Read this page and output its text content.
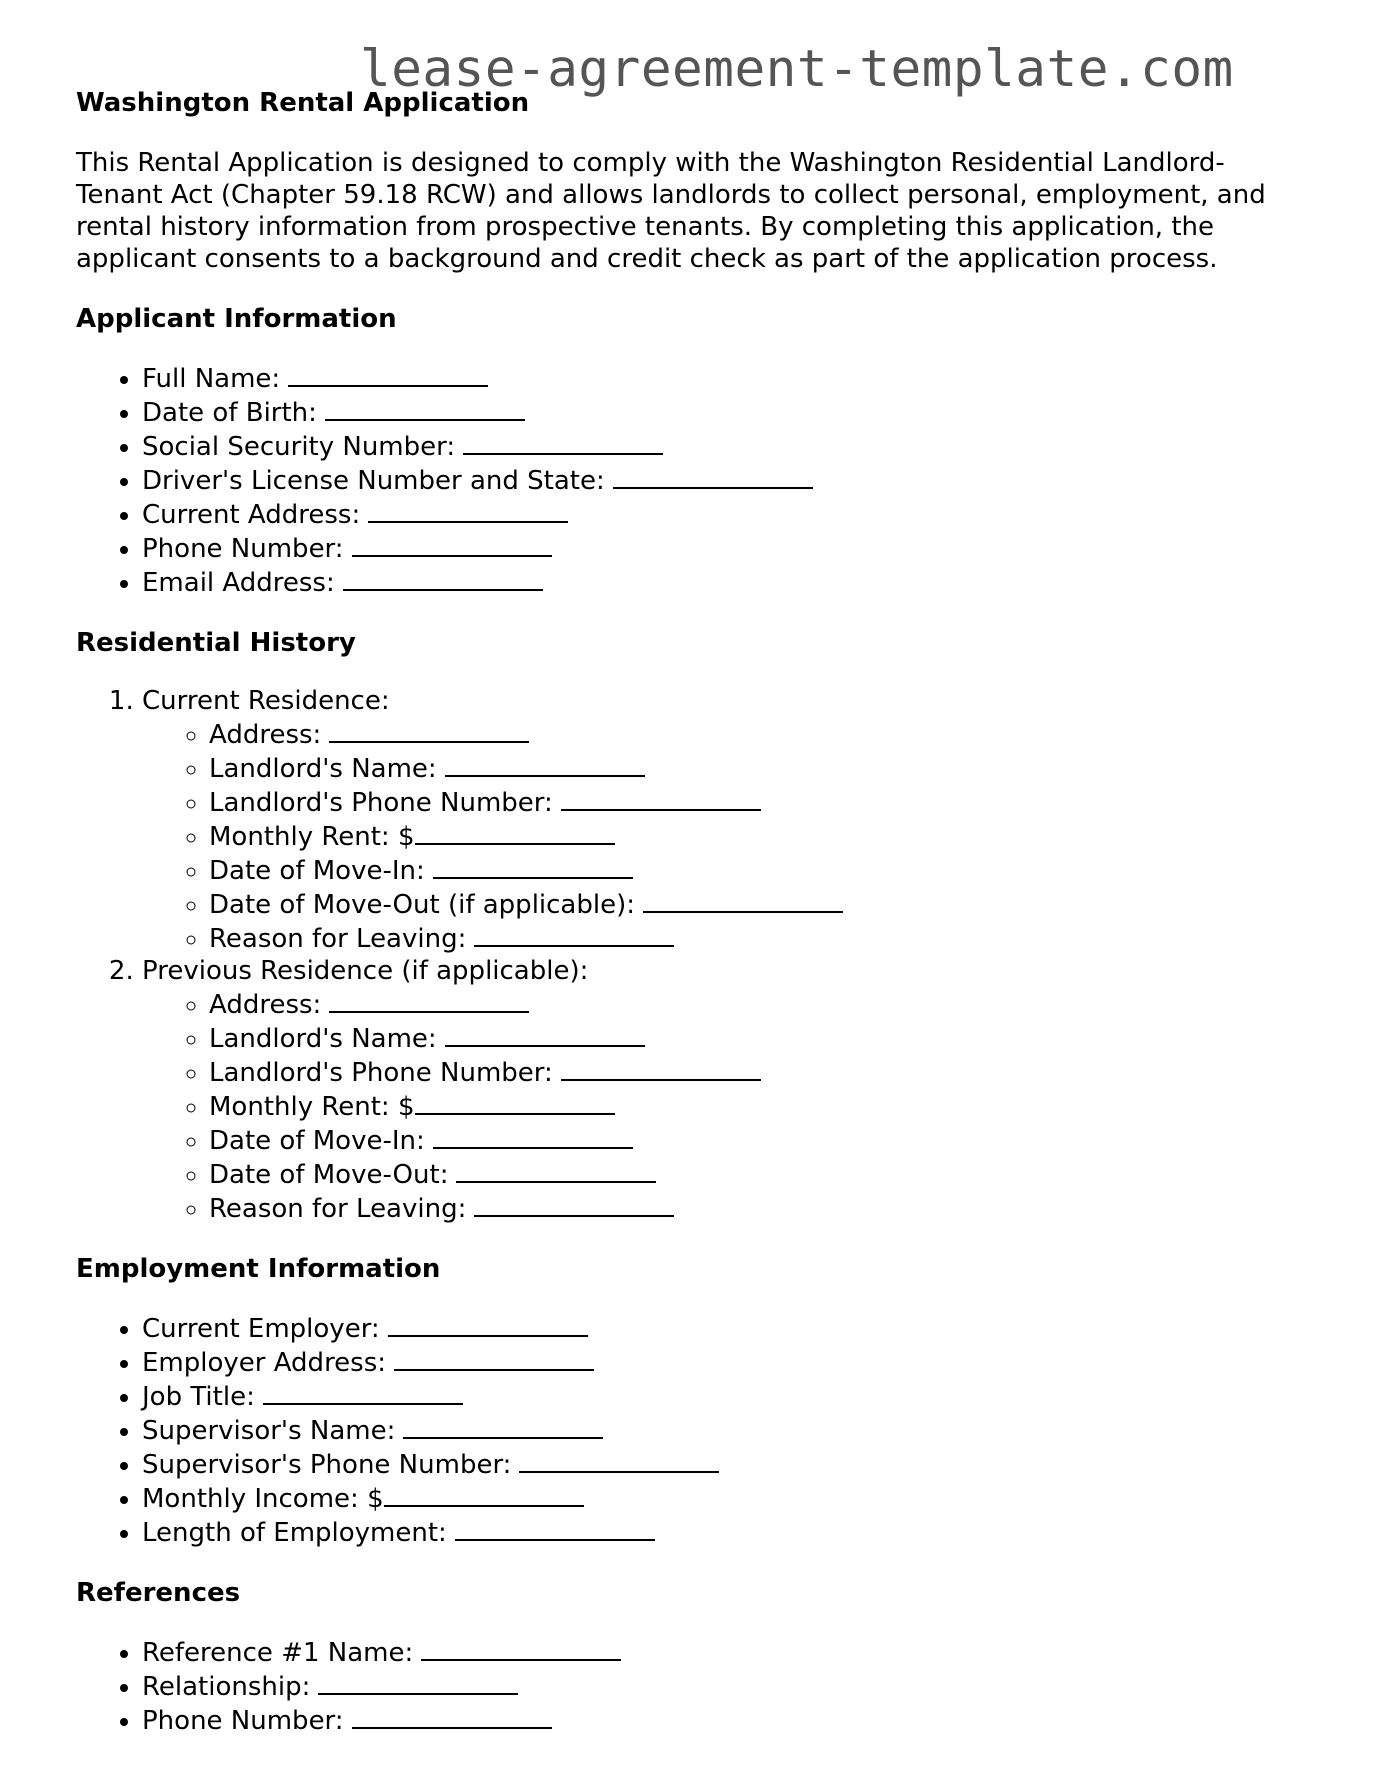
lease-agreement-template.com
Washington Rental Application

This Rental Application is designed to comply with the Washington Residential Landlord-Tenant Act (Chapter 59.18 RCW) and allows landlords to collect personal, employment, and rental history information from prospective tenants. By completing this application, the applicant consents to a background and credit check as part of the application process.

Applicant Information
• Full Name:
• Date of Birth:
• Social Security Number:
• Driver's License Number and State:
• Current Address:
• Phone Number:
• Email Address:
Residential History
1. Current Residence:
◦ Address:
◦ Landlord's Name:
◦ Landlord's Phone Number:
◦ Monthly Rent: $
◦ Date of Move-In:
◦ Date of Move-Out (if applicable):
◦ Reason for Leaving:
2. Previous Residence (if applicable):
◦ Address:
◦ Landlord's Name:
◦ Landlord's Phone Number:
◦ Monthly Rent: $
◦ Date of Move-In:
◦ Date of Move-Out:
◦ Reason for Leaving:
Employment Information
• Current Employer:
• Employer Address:
• Job Title:
• Supervisor's Name:
• Supervisor's Phone Number:
• Monthly Income: $
• Length of Employment:
References
• Reference #1 Name:
• Relationship:
• Phone Number:
